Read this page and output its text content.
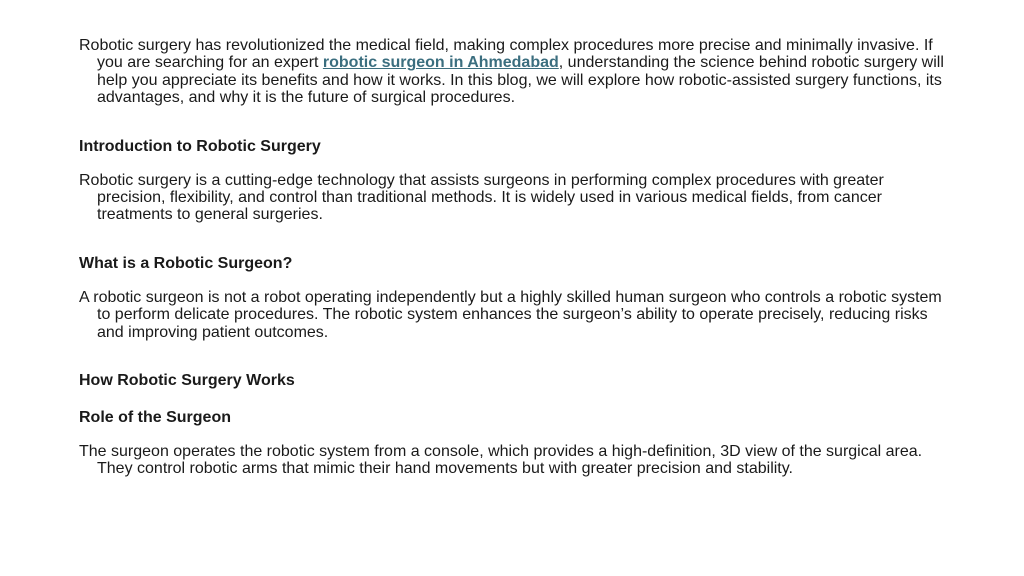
Robotic surgery has revolutionized the medical field, making complex procedures more precise and minimally invasive. If you are searching for an expert robotic surgeon in Ahmedabad, understanding the science behind robotic surgery will help you appreciate its benefits and how it works. In this blog, we will explore how robotic-assisted surgery functions, its advantages, and why it is the future of surgical procedures.

Introduction to Robotic Surgery

Robotic surgery is a cutting-edge technology that assists surgeons in performing complex procedures with greater precision, flexibility, and control than traditional methods. It is widely used in various medical fields, from cancer treatments to general surgeries.

What is a Robotic Surgeon?

A robotic surgeon is not a robot operating independently but a highly skilled human surgeon who controls a robotic system to perform delicate procedures. The robotic system enhances the surgeon’s ability to operate precisely, reducing risks and improving patient outcomes.

How Robotic Surgery Works
Role of the Surgeon

The surgeon operates the robotic system from a console, which provides a high-definition, 3D view of the surgical area. They control robotic arms that mimic their hand movements but with greater precision and stability.
